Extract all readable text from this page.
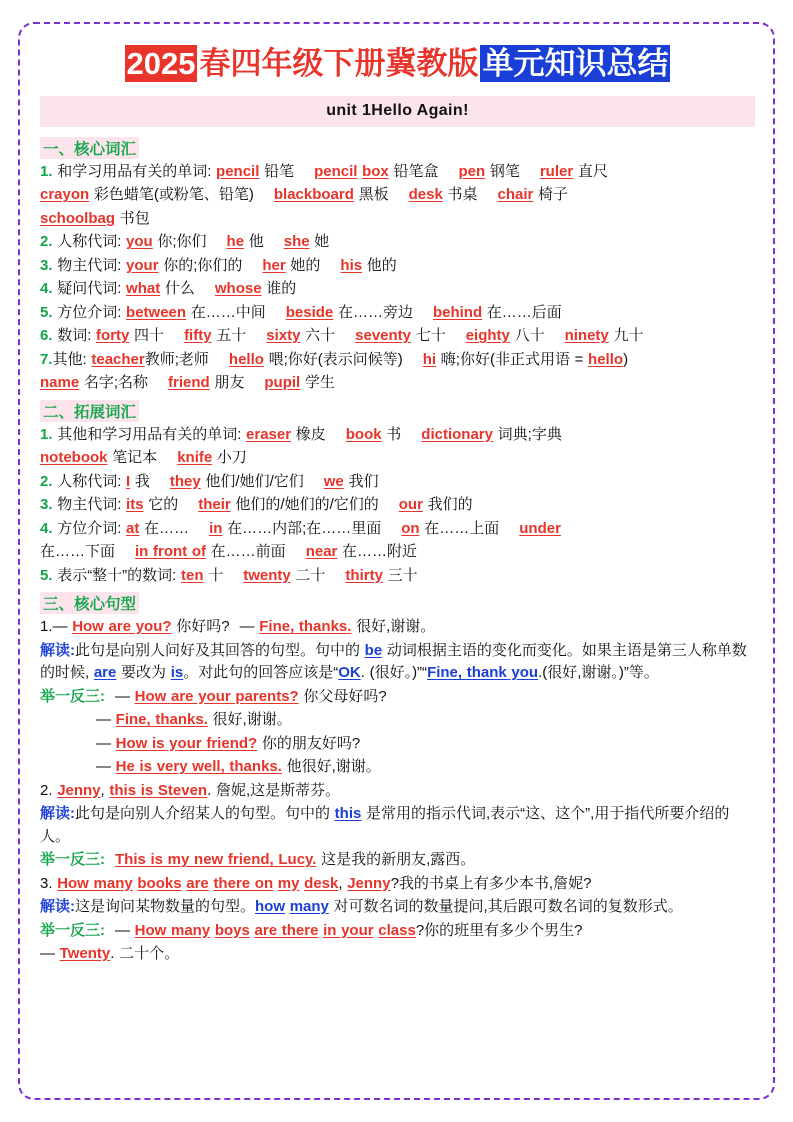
2025 春四年级下册冀教版 单元知识总结
unit 1Hello Again!
一、核心词汇
1. 和学习用品有关的单词: pencil 铅笔 pencil box 铅笔盒 pen 钢笔 ruler 直尺
crayon 彩色蜡笔(或粉笔、铅笔) blackboard 黑板 desk 书桌 chair 椅子
schoolbag 书包
2. 人称代词: you 你;你们 he 他 she 她
3. 物主代词: your 你的;你们的 her 她的 his 他的
4. 疑问代词: what 什么 whose 谁的
5. 方位介词: between 在……中间 beside 在……旁边 behind 在……后面
6. 数词: forty 四十 fifty 五十 sixty 六十 seventy 七十 eighty 八十 ninety 九十
7.其他: teacher教师;老师 hello 喂;你好(表示问候等) hi 嗨;你好(非正式用语 = hello)
name 名字;名称 friend 朋友 pupil 学生
二、拓展词汇
1. 其他和学习用品有关的单词: eraser 橡皮 book 书 dictionary 词典;字典
notebook 笔记本 knife 小刀
2. 人称代词: I 我 they 他们/她们/它们 we 我们
3. 物主代词: its 它的 their 他们的/她们的/它们的 our 我们的
4. 方位介词: at 在…… in 在……内部;在……里面 on 在……上面 under
在……下面 in front of 在……前面 near 在……附近
5. 表示“整十”的数词: ten 十 twenty 二十 thirty 三十
三、核心句型
1.— How are you? 你好吗? — Fine, thanks. 很好,谢谢。
解读:此句是向别人问好及其回答的句型。句中的 be 动词根据主语的变化而变化。如果主语是第三人称单数的时候, are 要改为 is。对此句的回答应该是“OK. (很好。)”“Fine, thank you.(很好,谢谢。)”等。
举一反三: — How are your parents? 你父母好吗?
— Fine, thanks. 很好,谢谢。
— How is your friend? 你的朋友好吗?
— He is very well, thanks. 他很好,谢谢。
2. Jenny, this is Steven. 詹妮,这是斯蒂芬。
解读:此句是向别人介绍某人的句型。句中的 this 是常用的指示代词,表示“这、这个”,用于指代所要介绍的人。
举一反三: This is my new friend, Lucy. 这是我的新朋友,露西。
3. How many books are there on my desk, Jenny?我的书桌上有多少本书,詹妮?
解读:这是询问某物数量的句型。how many 对可数名词的数量提问,其后跟可数名词的复数形式。
举一反三: — How many boys are there in your class?你的班里有多少个男生?
— Twenty. 二十个。
